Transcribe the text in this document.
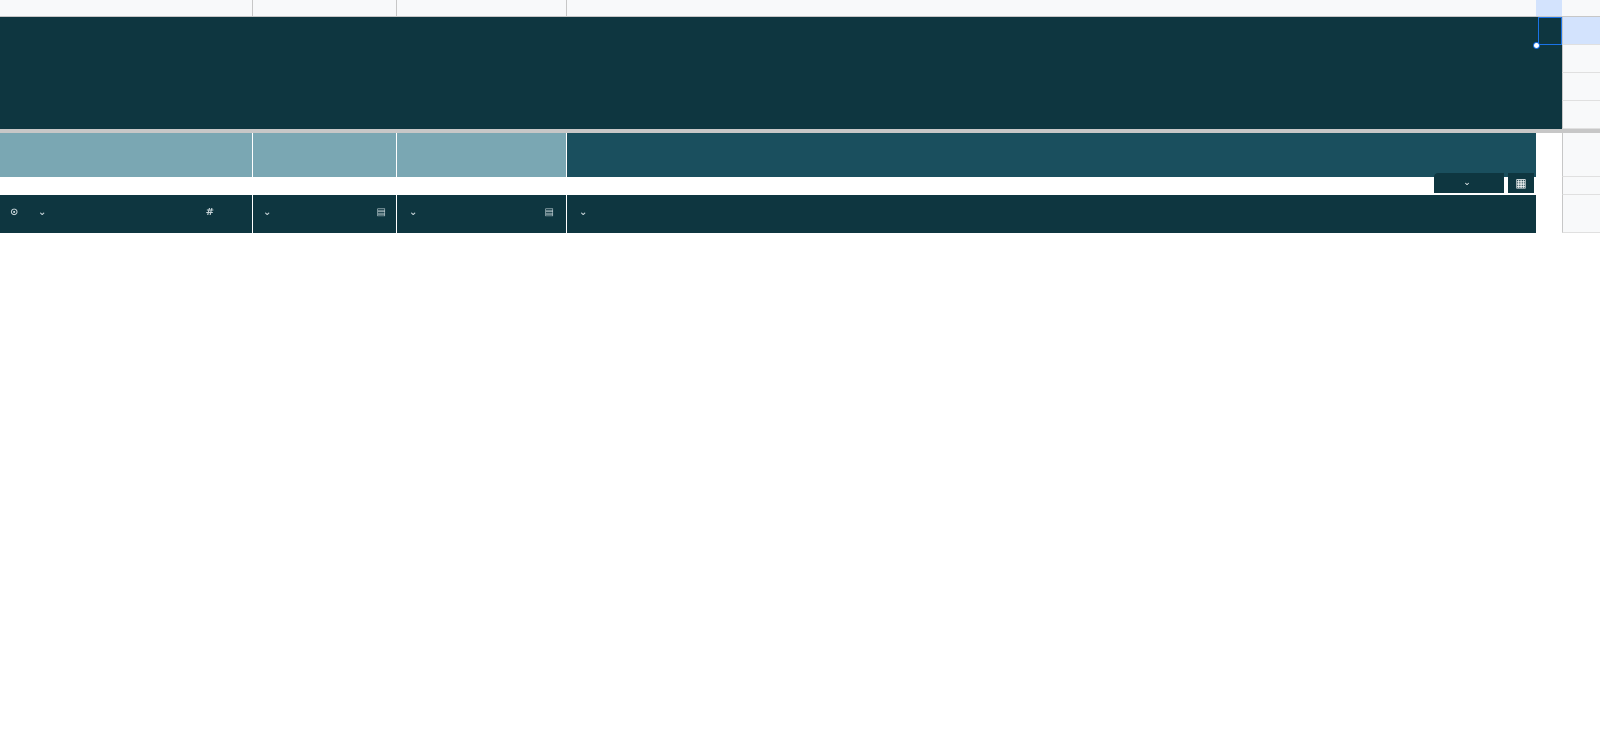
⌄	▦
⊙ ⌄	#	⌄	▤ ⌄	▤	⌄
